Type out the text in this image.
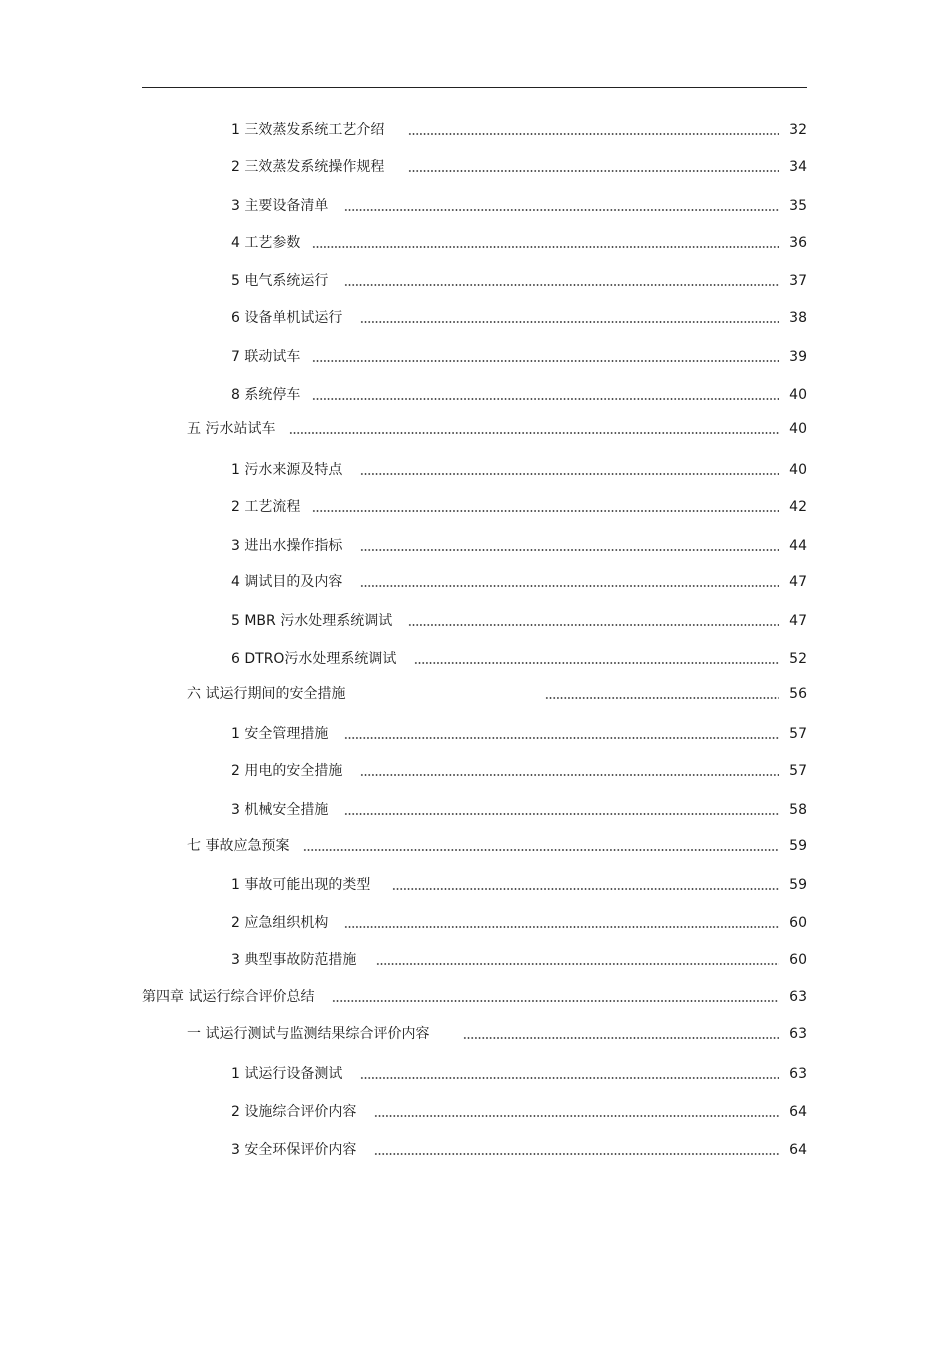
1 三效蒸发系统工艺介绍	32
2 三效蒸发系统操作规程	34
3 主要设备清单	35
4 工艺参数	36
5 电气系统运行	37
6 设备单机试运行	38
7 联动试车	39
8 系统停车	40
五 污水站试车	40
1 污水来源及特点	40
2 工艺流程	42
3 进出水操作指标	44
4 调试目的及内容	47
5 MBR 污水处理系统调试	47
6 DTRO污水处理系统调试	52
六 试运行期间的安全措施	56
1 安全管理措施	57
2 用电的安全措施	57
3 机械安全措施	58
七 事故应急预案	59
1 事故可能出现的类型	59
2 应急组织机构	60
3 典型事故防范措施	60
第四章 试运行综合评价总结	63
一 试运行测试与监测结果综合评价内容	63
1 试运行设备测试	63
2 设施综合评价内容	64
3 安全环保评价内容	64
